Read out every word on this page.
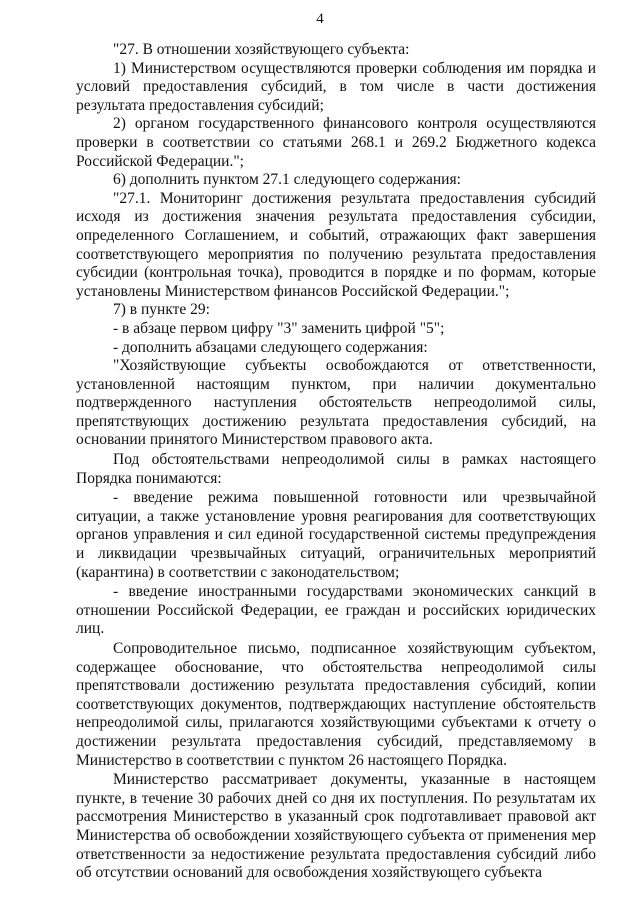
4

"27. В отношении хозяйствующего субъекта:

1) Министерством осуществляются проверки соблюдения им порядка и условий предоставления субсидий, в том числе в части достижения результата предоставления субсидий;

2) органом государственного финансового контроля осуществляются проверки в соответствии со статьями 268.1 и 269.2 Бюджетного кодекса Российской Федерации.";

6) дополнить пунктом 27.1 следующего содержания:

"27.1. Мониторинг достижения результата предоставления субсидий исходя из достижения значения результата предоставления субсидии, определенного Соглашением, и событий, отражающих факт завершения соответствующего мероприятия по получению результата предоставления субсидии (контрольная точка), проводится в порядке и по формам, которые установлены Министерством финансов Российской Федерации.";

7) в пункте 29:

- в абзаце первом цифру "3" заменить цифрой "5";

- дополнить абзацами следующего содержания:

"Хозяйствующие субъекты освобождаются от ответственности, установленной настоящим пунктом, при наличии документально подтвержденного наступления обстоятельств непреодолимой силы, препятствующих достижению результата предоставления субсидий, на основании принятого Министерством правового акта.

Под обстоятельствами непреодолимой силы в рамках настоящего Порядка понимаются:

- введение режима повышенной готовности или чрезвычайной ситуации, а также установление уровня реагирования для соответствующих органов управления и сил единой государственной системы предупреждения и ликвидации чрезвычайных ситуаций, ограничительных мероприятий (карантина) в соответствии с законодательством;

- введение иностранными государствами экономических санкций в отношении Российской Федерации, ее граждан и российских юридических лиц.

Сопроводительное письмо, подписанное хозяйствующим субъектом, содержащее обоснование, что обстоятельства непреодолимой силы препятствовали достижению результата предоставления субсидий, копии соответствующих документов, подтверждающих наступление обстоятельств непреодолимой силы, прилагаются хозяйствующими субъектами к отчету о достижении результата предоставления субсидий, представляемому в Министерство в соответствии с пунктом 26 настоящего Порядка.

Министерство рассматривает документы, указанные в настоящем пункте, в течение 30 рабочих дней со дня их поступления. По результатам их рассмотрения Министерство в указанный срок подготавливает правовой акт Министерства об освобождении хозяйствующего субъекта от применения мер ответственности за недостижение результата предоставления субсидий либо об отсутствии оснований для освобождения хозяйствующего субъекта
